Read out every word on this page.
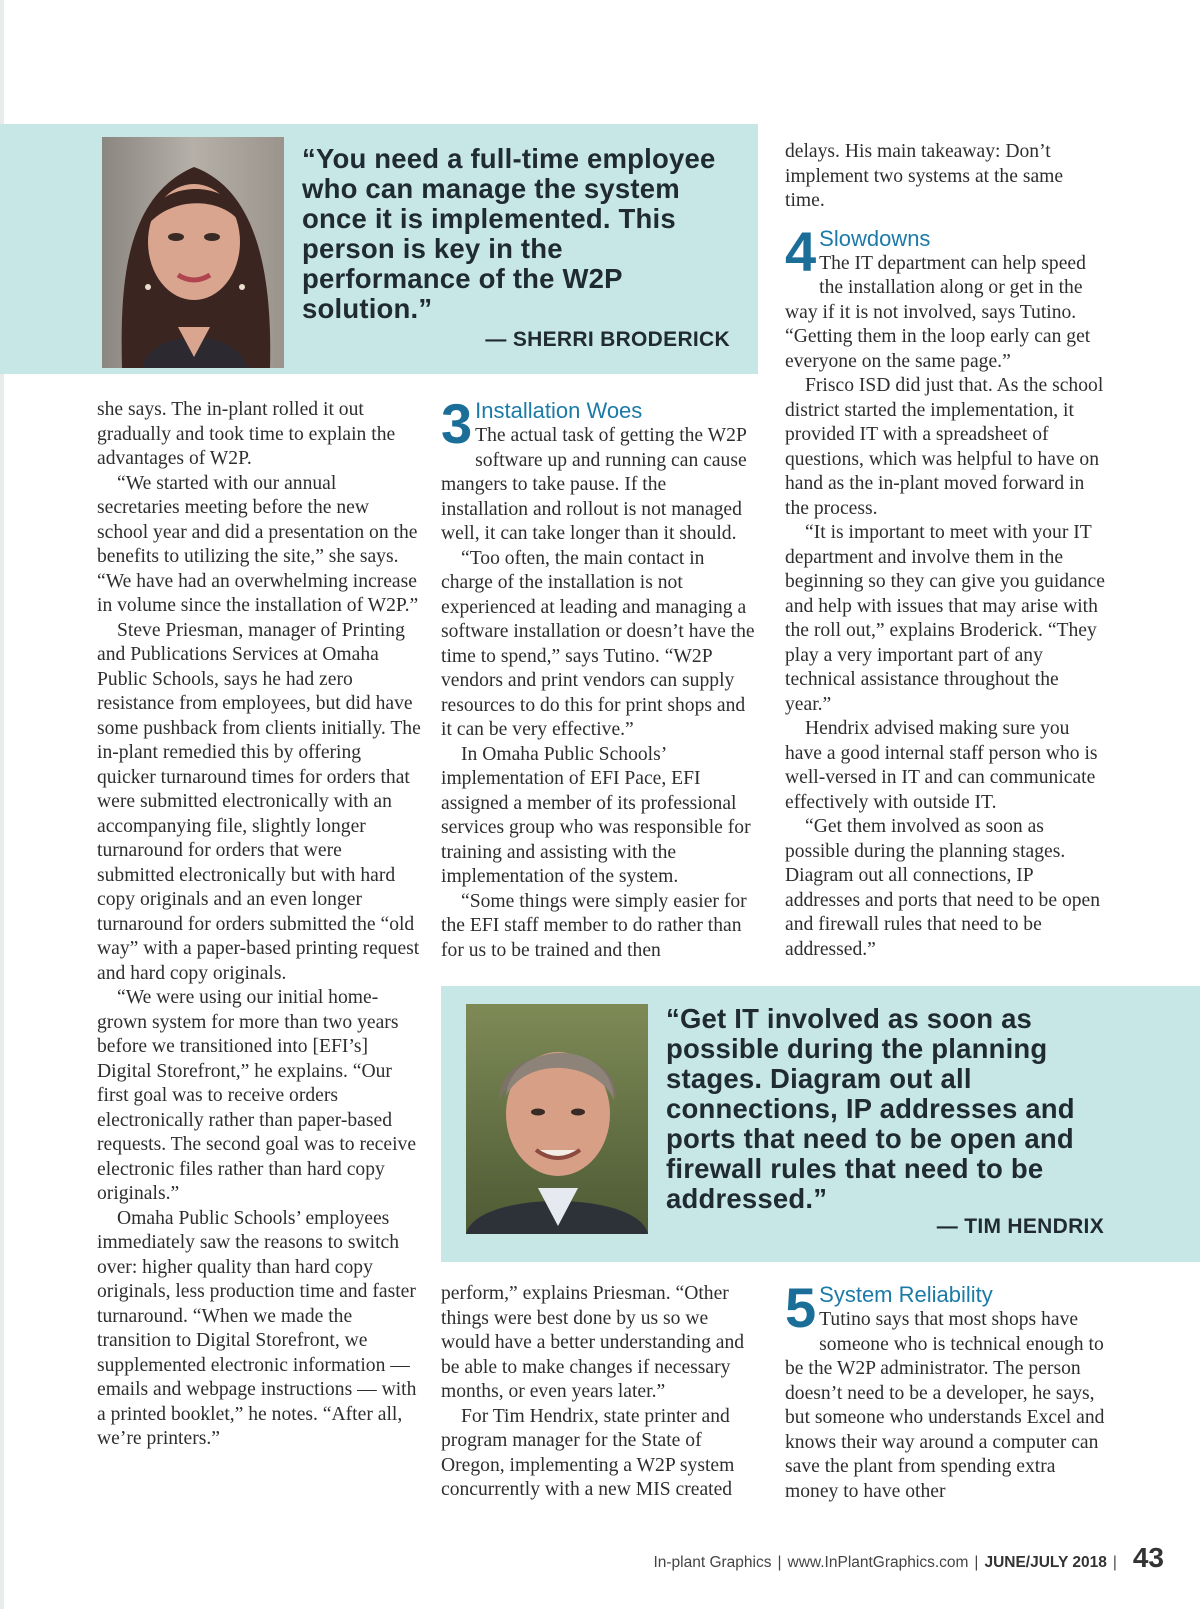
“You need a full-time employee who can manage the system once it is implemented. This person is key in the performance of the W2P solution.”

— SHERRI BRODERICK

“Get IT involved as soon as possible during the planning stages. Diagram out all connections, IP addresses and ports that need to be open and firewall rules that need to be addressed.”

— TIM HENDRIX

she says. The in-plant rolled it out gradually and took time to explain the advantages of W2P.

“We started with our annual secretaries meeting before the new school year and did a presentation on the benefits to utilizing the site,” she says. “We have had an overwhelming increase in volume since the installation of W2P.”

Steve Priesman, manager of Printing and Publications Services at Omaha Public Schools, says he had zero resistance from employees, but did have some pushback from clients initially. The in-plant remedied this by offering quicker turnaround times for orders that were submitted electronically with an accompanying file, slightly longer turnaround for orders that were submitted electronically but with hard copy originals and an even longer turnaround for orders submitted the “old way” with a paper-based printing request and hard copy originals.

“We were using our initial home-grown system for more than two years before we transitioned into [EFI’s] Digital Storefront,” he explains. “Our first goal was to receive orders electronically rather than paper-based requests. The second goal was to receive electronic files rather than hard copy originals.”

Omaha Public Schools’ employees immediately saw the reasons to switch over: higher quality than hard copy originals, less production time and faster turnaround. “When we made the transition to Digital Storefront, we supplemented electronic information — emails and webpage instructions — with a printed booklet,” he notes. “After all, we’re printers.”

3 Installation Woes

The actual task of getting the W2P software up and running can cause mangers to take pause. If the installation and rollout is not managed well, it can take longer than it should.

“Too often, the main contact in charge of the installation is not experienced at leading and managing a software installation or doesn’t have the time to spend,” says Tutino. “W2P vendors and print vendors can supply resources to do this for print shops and it can be very effective.”

In Omaha Public Schools’ implementation of EFI Pace, EFI assigned a member of its professional services group who was responsible for training and assisting with the implementation of the system.

“Some things were simply easier for the EFI staff member to do rather than for us to be trained and then

perform,” explains Priesman. “Other things were best done by us so we would have a better understanding and be able to make changes if necessary months, or even years later.”

For Tim Hendrix, state printer and program manager for the State of Oregon, implementing a W2P system concurrently with a new MIS created

delays. His main takeaway: Don’t implement two systems at the same time.

4 Slowdowns

The IT department can help speed the installation along or get in the way if it is not involved, says Tutino. “Getting them in the loop early can get everyone on the same page.”

Frisco ISD did just that. As the school district started the implementation, it provided IT with a spreadsheet of questions, which was helpful to have on hand as the in-plant moved forward in the process.

“It is important to meet with your IT department and involve them in the beginning so they can give you guidance and help with issues that may arise with the roll out,” explains Broderick. “They play a very important part of any technical assistance throughout the year.”

Hendrix advised making sure you have a good internal staff person who is well-versed in IT and can communicate effectively with outside IT.

“Get them involved as soon as possible during the planning stages. Diagram out all connections, IP addresses and ports that need to be open and firewall rules that need to be addressed.”

5 System Reliability

Tutino says that most shops have someone who is technical enough to be the W2P administrator. The person doesn’t need to be a developer, he says, but someone who understands Excel and knows their way around a computer can save the plant from spending extra money to have other

In-plant Graphics | www.InPlantGraphics.com | JUNE/JULY 2018 | 43
